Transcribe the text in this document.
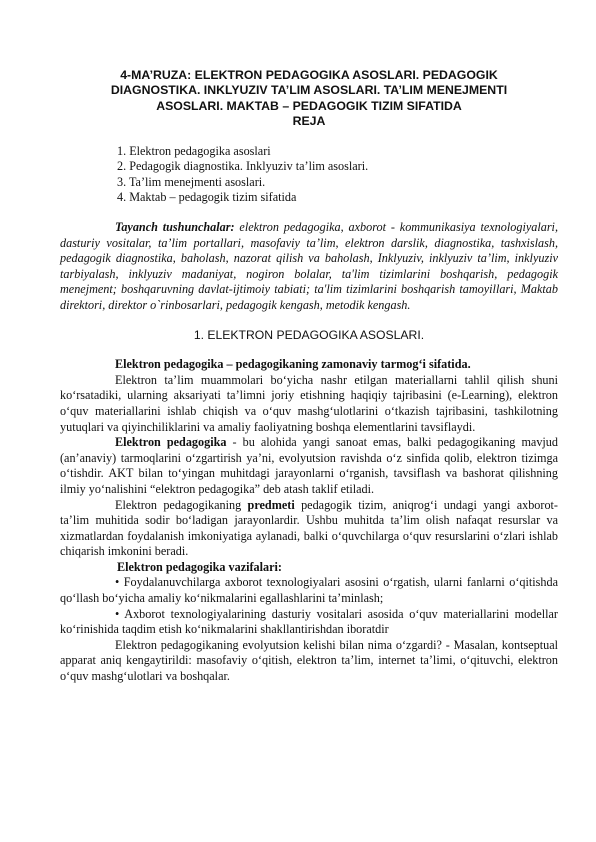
4-MA’RUZA: ELEKTRON PEDAGOGIKA ASOSLARI. PEDAGOGIK
DIAGNOSTIKA. INKLYUZIV TA’LIM ASOSLARI. TA’LIM MENEJMENTI
ASOSLARI. MAKTAB – PEDAGOGIK TIZIM SIFATIDA
REJA
1. Elektron pedagogika asoslari
2. Pedagogik diagnostika. Inklyuziv ta’lim asoslari.
3. Ta’lim menejmenti asoslari.
4. Maktab – pedagogik tizim sifatida

Tayanch tushunchalar: elektron pedagogika, axborot - kommunikasiya texnologiyalari, dasturiy vositalar, ta’lim portallari, masofaviy ta’lim, elektron darslik, diagnostika, tashxislash, pedagogik diagnostika, baholash, nazorat qilish va baholash, Inklyuziv, inklyuziv ta’lim, inklyuziv tarbiyalash, inklyuziv madaniyat, nogiron bolalar, ta'lim tizimlarini boshqarish, pedagogik menejment; boshqaruvning davlat-ijtimoiy tabiati; ta'lim tizimlarini boshqarish tamoyillari, Maktab direktori, direktor o`rinbosarlari, pedagogik kengash, metodik kengash.

1. ELEKTRON PEDAGOGIKA ASOSLARI.

Elektron pedagogika – pedagogikaning zamonaviy tarmog‘i sifatida.

Elektron ta’lim muammolari bo‘yicha nashr etilgan materiallarni tahlil qilish shuni ko‘rsatadiki, ularning aksariyati ta’limni joriy etishning haqiqiy tajribasini (e-Learning), elektron o‘quv materiallarini ishlab chiqish va o‘quv mashg‘ulotlarini o‘tkazish tajribasini, tashkilotning yutuqlari va qiyinchiliklarini va amaliy faoliyatning boshqa elementlarini tavsiflaydi.

Elektron pedagogika - bu alohida yangi sanoat emas, balki pedagogikaning mavjud (an’anaviy) tarmoqlarini o‘zgartirish ya’ni, evolyutsion ravishda o‘z sinfida qolib, elektron tizimga o‘tishdir. AKT bilan to‘yingan muhitdagi jarayonlarni o‘rganish, tavsiflash va bashorat qilishning ilmiy yo‘nalishini “elektron pedagogika” deb atash taklif etiladi.

Elektron pedagogikaning predmeti pedagogik tizim, aniqrog‘i undagi yangi axborot-ta’lim muhitida sodir bo‘ladigan jarayonlardir. Ushbu muhitda ta’lim olish nafaqat resurslar va xizmatlardan foydalanish imkoniyatiga aylanadi, balki o‘quvchilarga o‘quv resurslarini o‘zlari ishlab chiqarish imkonini beradi.

Elektron pedagogika vazifalari:

• Foydalanuvchilarga axborot texnologiyalari asosini o‘rgatish, ularni fanlarni o‘qitishda qo‘llash bo‘yicha amaliy ko‘nikmalarini egallashlarini ta’minlash;

• Axborot texnologiyalarining dasturiy vositalari asosida o‘quv materiallarini modellar ko‘rinishida taqdim etish ko‘nikmalarini shakllantirishdan iboratdir

Elektron pedagogikaning evolyutsion kelishi bilan nima o‘zgardi? - Masalan, kontseptual apparat aniq kengaytirildi: masofaviy o‘qitish, elektron ta’lim, internet ta’limi, o‘qituvchi, elektron o‘quv mashg‘ulotlari va boshqalar.
